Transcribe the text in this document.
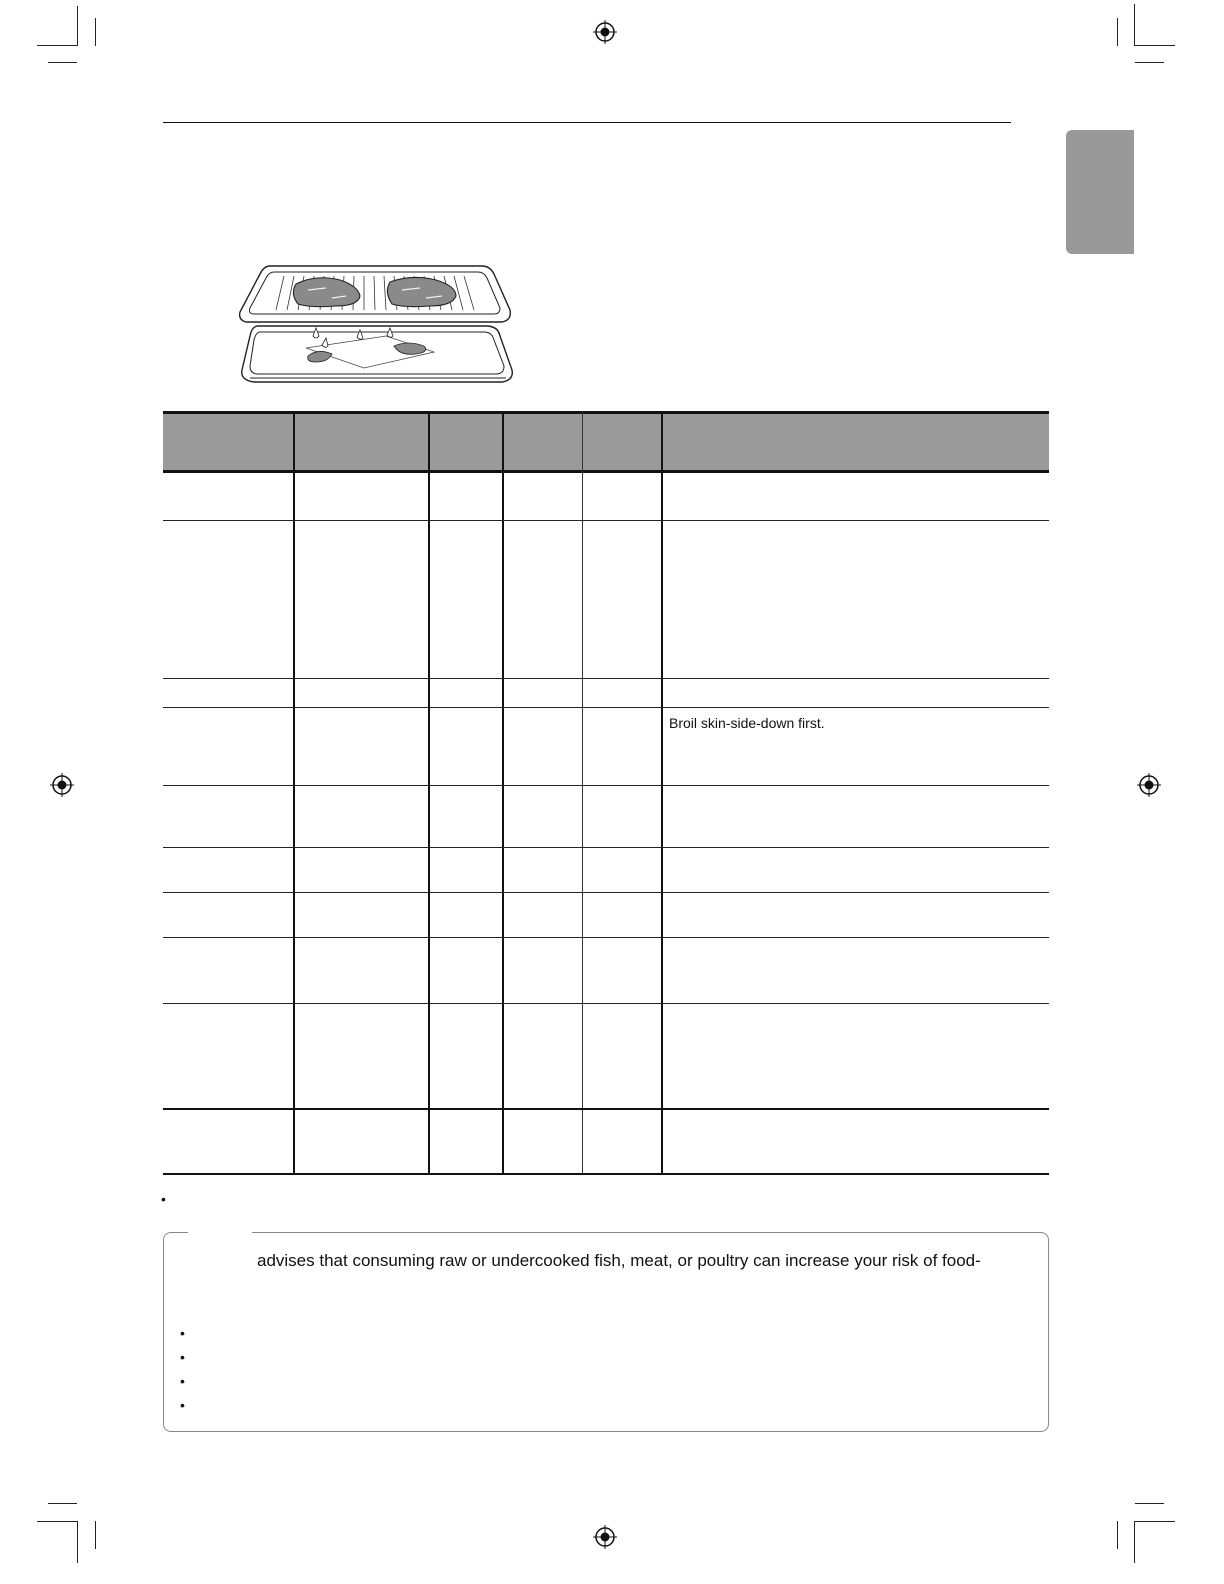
Broil skin-side-down first.
•
advises that consuming raw or undercooked fish, meat, or poultry can increase your risk of food-
•
•
•
•
